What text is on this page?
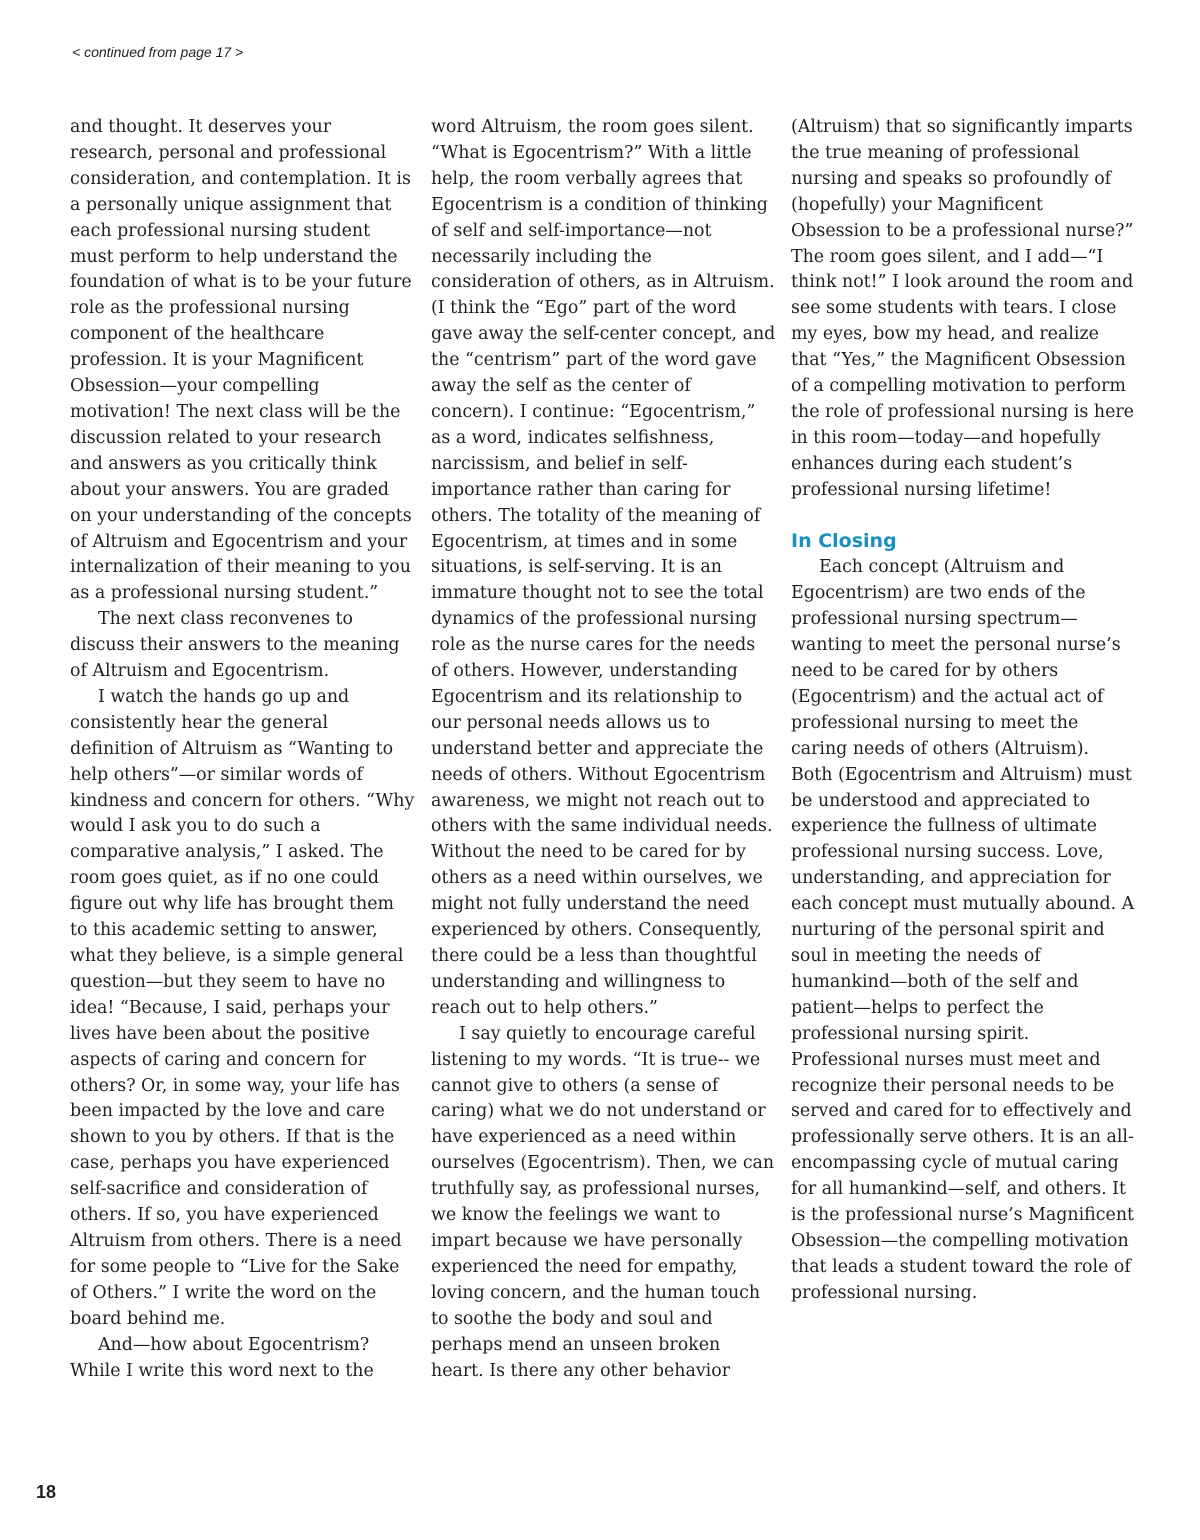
< continued from page 17 >

and thought. It deserves your research, personal and professional consideration, and contemplation. It is a personally unique assignment that each professional nursing student must perform to help understand the foundation of what is to be your future role as the professional nursing component of the healthcare profession. It is your Magnificent Obsession—your compelling motivation! The next class will be the discussion related to your research and answers as you critically think about your answers. You are graded on your understanding of the concepts of Altruism and Egocentrism and your internalization of their meaning to you as a professional nursing student.”

The next class reconvenes to discuss their answers to the meaning of Altruism and Egocentrism.

I watch the hands go up and consistently hear the general definition of Altruism as “Wanting to help others”—or similar words of kindness and concern for others. “Why would I ask you to do such a comparative analysis,” I asked. The room goes quiet, as if no one could figure out why life has brought them to this academic setting to answer, what they believe, is a simple general question—but they seem to have no idea! “Because, I said, perhaps your lives have been about the positive aspects of caring and concern for others? Or, in some way, your life has been impacted by the love and care shown to you by others. If that is the case, perhaps you have experienced self-sacrifice and consideration of others. If so, you have experienced Altruism from others. There is a need for some people to “Live for the Sake of Others.” I write the word on the board behind me.

And—how about Egocentrism? While I write this word next to the

word Altruism, the room goes silent. “What is Egocentrism?” With a little help, the room verbally agrees that Egocentrism is a condition of thinking of self and self-importance—not necessarily including the consideration of others, as in Altruism. (I think the “Ego” part of the word gave away the self-center concept, and the “centrism” part of the word gave away the self as the center of concern). I continue: “Egocentrism,” as a word, indicates selfishness, narcissism, and belief in self-importance rather than caring for others. The totality of the meaning of Egocentrism, at times and in some situations, is self-serving. It is an immature thought not to see the total dynamics of the professional nursing role as the nurse cares for the needs of others. However, understanding Egocentrism and its relationship to our personal needs allows us to understand better and appreciate the needs of others. Without Egocentrism awareness, we might not reach out to others with the same individual needs. Without the need to be cared for by others as a need within ourselves, we might not fully understand the need experienced by others. Consequently, there could be a less than thoughtful understanding and willingness to reach out to help others.”

I say quietly to encourage careful listening to my words. “It is true-- we cannot give to others (a sense of caring) what we do not understand or have experienced as a need within ourselves (Egocentrism). Then, we can truthfully say, as professional nurses, we know the feelings we want to impart because we have personally experienced the need for empathy, loving concern, and the human touch to soothe the body and soul and perhaps mend an unseen broken heart. Is there any other behavior

(Altruism) that so significantly imparts the true meaning of professional nursing and speaks so profoundly of (hopefully) your Magnificent Obsession to be a professional nurse?” The room goes silent, and I add—“I think not!” I look around the room and see some students with tears. I close my eyes, bow my head, and realize that “Yes,” the Magnificent Obsession of a compelling motivation to perform the role of professional nursing is here in this room—today—and hopefully enhances during each student’s professional nursing lifetime!

In Closing

Each concept (Altruism and Egocentrism) are two ends of the professional nursing spectrum—wanting to meet the personal nurse’s need to be cared for by others (Egocentrism) and the actual act of professional nursing to meet the caring needs of others (Altruism). Both (Egocentrism and Altruism) must be understood and appreciated to experience the fullness of ultimate professional nursing success. Love, understanding, and appreciation for each concept must mutually abound. A nurturing of the personal spirit and soul in meeting the needs of humankind—both of the self and patient—helps to perfect the professional nursing spirit. Professional nurses must meet and recognize their personal needs to be served and cared for to effectively and professionally serve others. It is an all-encompassing cycle of mutual caring for all humankind—self, and others. It is the professional nurse’s Magnificent Obsession—the compelling motivation that leads a student toward the role of professional nursing.

18
